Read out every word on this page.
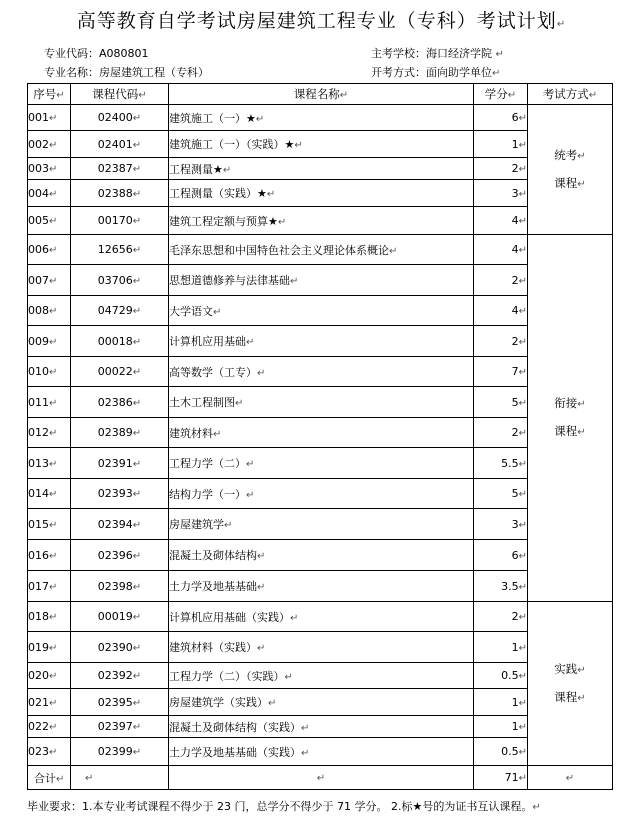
高等教育自学考试房屋建筑工程专业（专科）考试计划↵
专业代码：A080801	主考学校：海口经济学院 ↵
专业名称：房屋建筑工程（专科）	开考方式：面向助学单位↵
序号↵	课程代码↵	课程名称↵	学分↵	考试方式↵
001↵	02400↵	建筑施工（一）★↵	6↵	统考↵
课程↵
002↵	02401↵	建筑施工（一）（实践）★↵	1↵	
003↵	02387↵	工程测量★↵	2↵	
004↵	02388↵	工程测量（实践）★↵	3↵	
005↵	00170↵	建筑工程定额与预算★↵	4↵	
006↵	12656↵	毛泽东思想和中国特色社会主义理论体系概论↵	4↵	衔接↵
课程↵
007↵	03706↵	思想道德修养与法律基础↵	2↵	
008↵	04729↵	大学语文↵	4↵	
009↵	00018↵	计算机应用基础↵	2↵	
010↵	00022↵	高等数学（工专）↵	7↵	
011↵	02386↵	土木工程制图↵	5↵	
012↵	02389↵	建筑材料↵	2↵	
013↵	02391↵	工程力学（二）↵	5.5↵	
014↵	02393↵	结构力学（一）↵	5↵	
015↵	02394↵	房屋建筑学↵	3↵	
016↵	02396↵	混凝土及砌体结构↵	6↵	
017↵	02398↵	土力学及地基基础↵	3.5↵	
018↵	00019↵	计算机应用基础（实践）↵	2↵	实践↵
课程↵
019↵	02390↵	建筑材料（实践）↵	1↵	
020↵	02392↵	工程力学（二）（实践）↵	0.5↵	
021↵	02395↵	房屋建筑学（实践）↵	1↵	
022↵	02397↵	混凝土及砌体结构（实践）↵	1↵	
023↵	02399↵	土力学及地基基础（实践）↵	0.5↵	
合计↵	↵	↵	71↵	↵
毕业要求：1.本专业考试课程不得少于 23 门，总学分不得少于 71 学分。 2.标★号的为证书互认课程。↵
